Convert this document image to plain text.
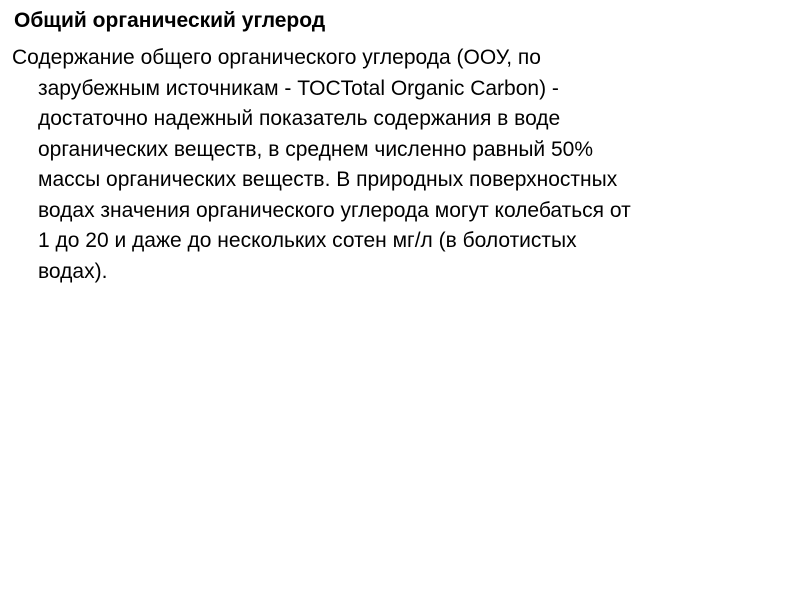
Общий органический углерод

Содержание общего органического углерода (ООУ, по
зарубежным источникам - ТОСTotal Organic Carbon) -
достаточно надежный показатель содержания в воде
органических веществ, в среднем численно равный 50%
массы органических веществ. В природных поверхностных
водах значения органического углерода могут колебаться от
1 до 20 и даже до нескольких сотен мг/л (в болотистых
водах).
